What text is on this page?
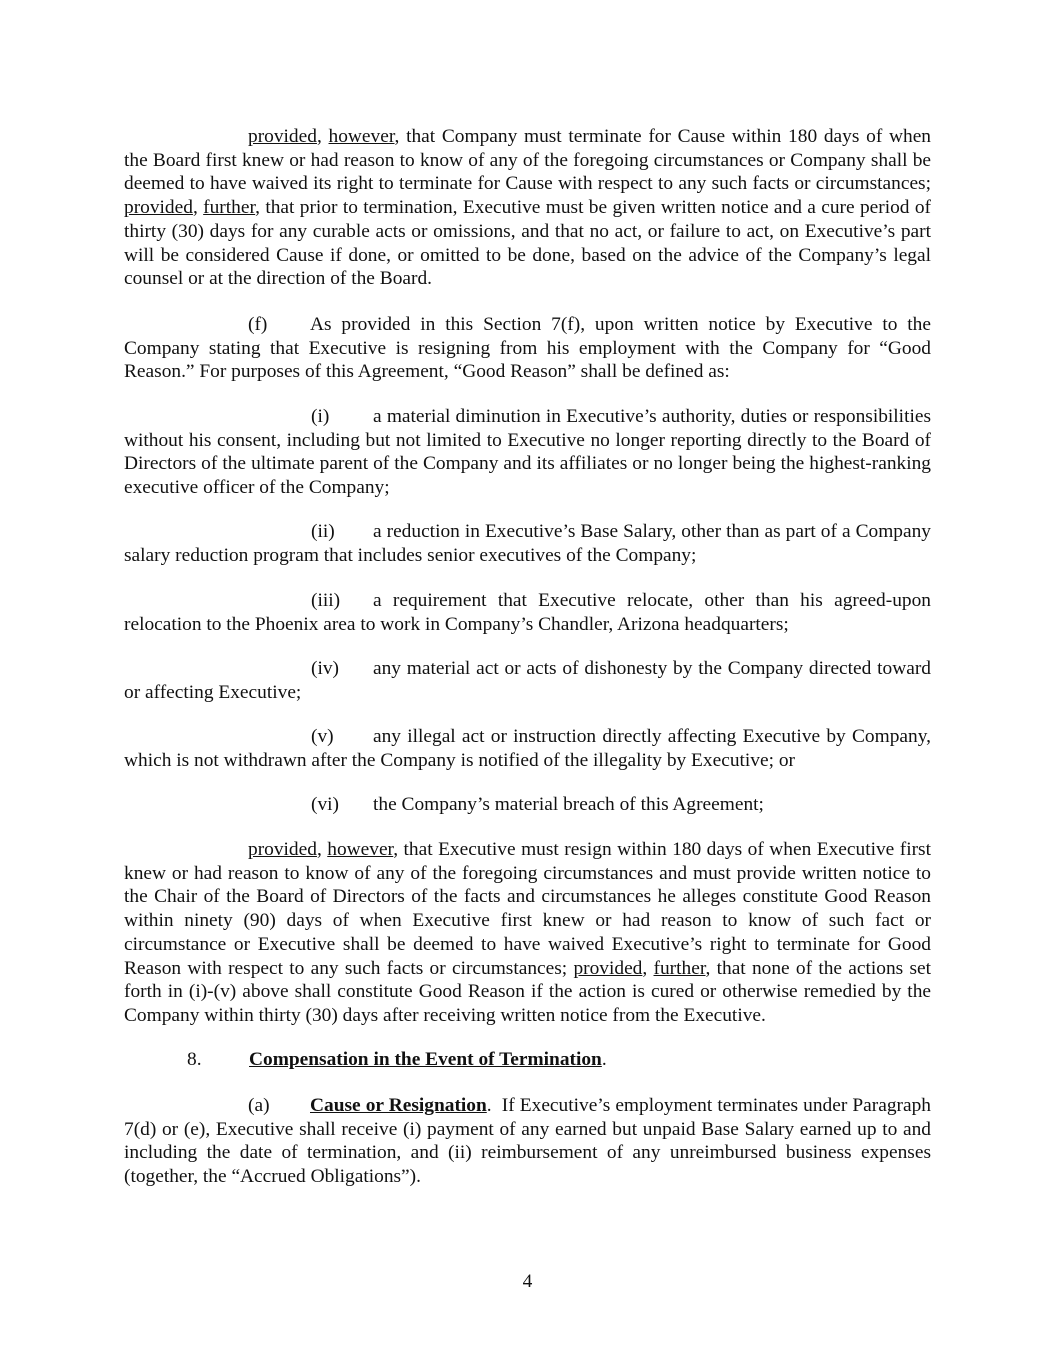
provided, however, that Company must terminate for Cause within 180 days of when the Board first knew or had reason to know of any of the foregoing circumstances or Company shall be deemed to have waived its right to terminate for Cause with respect to any such facts or circumstances; provided, further, that prior to termination, Executive must be given written notice and a cure period of thirty (30) days for any curable acts or omissions, and that no act, or failure to act, on Executive’s part will be considered Cause if done, or omitted to be done, based on the advice of the Company’s legal counsel or at the direction of the Board.

(f) As provided in this Section 7(f), upon written notice by Executive to the Company stating that Executive is resigning from his employment with the Company for “Good Reason.” For purposes of this Agreement, “Good Reason” shall be defined as:

(i) a material diminution in Executive’s authority, duties or responsibilities without his consent, including but not limited to Executive no longer reporting directly to the Board of Directors of the ultimate parent of the Company and its affiliates or no longer being the highest-ranking executive officer of the Company;

(ii) a reduction in Executive’s Base Salary, other than as part of a Company salary reduction program that includes senior executives of the Company;

(iii) a requirement that Executive relocate, other than his agreed-upon relocation to the Phoenix area to work in Company’s Chandler, Arizona headquarters;

(iv) any material act or acts of dishonesty by the Company directed toward or affecting Executive;

(v) any illegal act or instruction directly affecting Executive by Company, which is not withdrawn after the Company is notified of the illegality by Executive; or

(vi) the Company’s material breach of this Agreement;

provided, however, that Executive must resign within 180 days of when Executive first knew or had reason to know of any of the foregoing circumstances and must provide written notice to the Chair of the Board of Directors of the facts and circumstances he alleges constitute Good Reason within ninety (90) days of when Executive first knew or had reason to know of such fact or circumstance or Executive shall be deemed to have waived Executive’s right to terminate for Good Reason with respect to any such facts or circumstances; provided, further, that none of the actions set forth in (i)-(v) above shall constitute Good Reason if the action is cured or otherwise remedied by the Company within thirty (30) days after receiving written notice from the Executive.

8. Compensation in the Event of Termination.

(a) Cause or Resignation.  If Executive’s employment terminates under Paragraph 7(d) or (e), Executive shall receive (i) payment of any earned but unpaid Base Salary earned up to and including the date of termination, and (ii) reimbursement of any unreimbursed business expenses (together, the “Accrued Obligations”).

4
